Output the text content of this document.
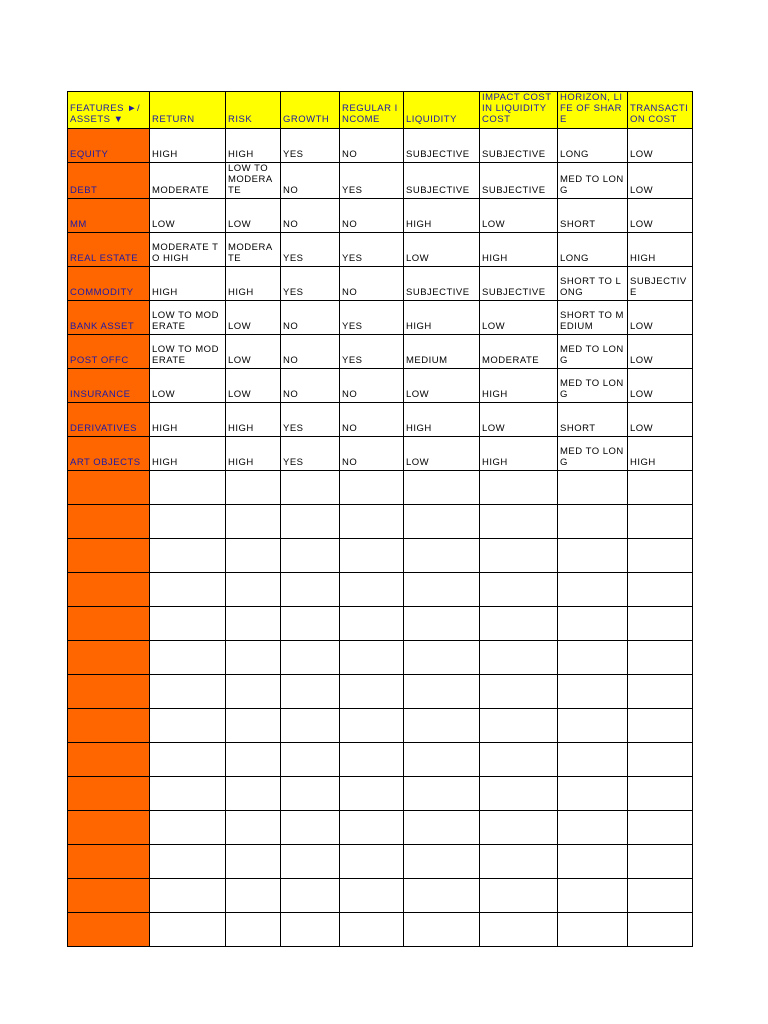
FEATURES ►/ ASSETS ▼	RETURN	RISK	GROWTH	REGULAR INCOME	LIQUIDITY	IMPACT COST IN LIQUIDITY COST	HORIZON, LIFE OF SHARE	TRANSACTION COST

EQUITY	HIGH	HIGH	YES	NO	SUBJECTIVE	SUBJECTIVE	LONG	LOW

DEBT	MODERATE	LOW TO MODERATE	NO	YES	SUBJECTIVE	SUBJECTIVE	MED TO LONG	LOW

MM	LOW	LOW	NO	NO	HIGH	LOW	SHORT	LOW

REAL ESTATE	MODERATE TO HIGH	MODERATE	YES	YES	LOW	HIGH	LONG	HIGH

COMMODITY	HIGH	HIGH	YES	NO	SUBJECTIVE	SUBJECTIVE	SHORT TO LONG	SUBJECTIVE

BANK ASSET	LOW TO MODERATE	LOW	NO	YES	HIGH	LOW	SHORT TO MEDIUM	LOW

POST OFFC	LOW TO MODERATE	LOW	NO	YES	MEDIUM	MODERATE	MED TO LONG	LOW

INSURANCE	LOW	LOW	NO	NO	LOW	HIGH	MED TO LONG	LOW

DERIVATIVES	HIGH	HIGH	YES	NO	HIGH	LOW	SHORT	LOW

ART OBJECTS	HIGH	HIGH	YES	NO	LOW	HIGH	MED TO LONG	HIGH
